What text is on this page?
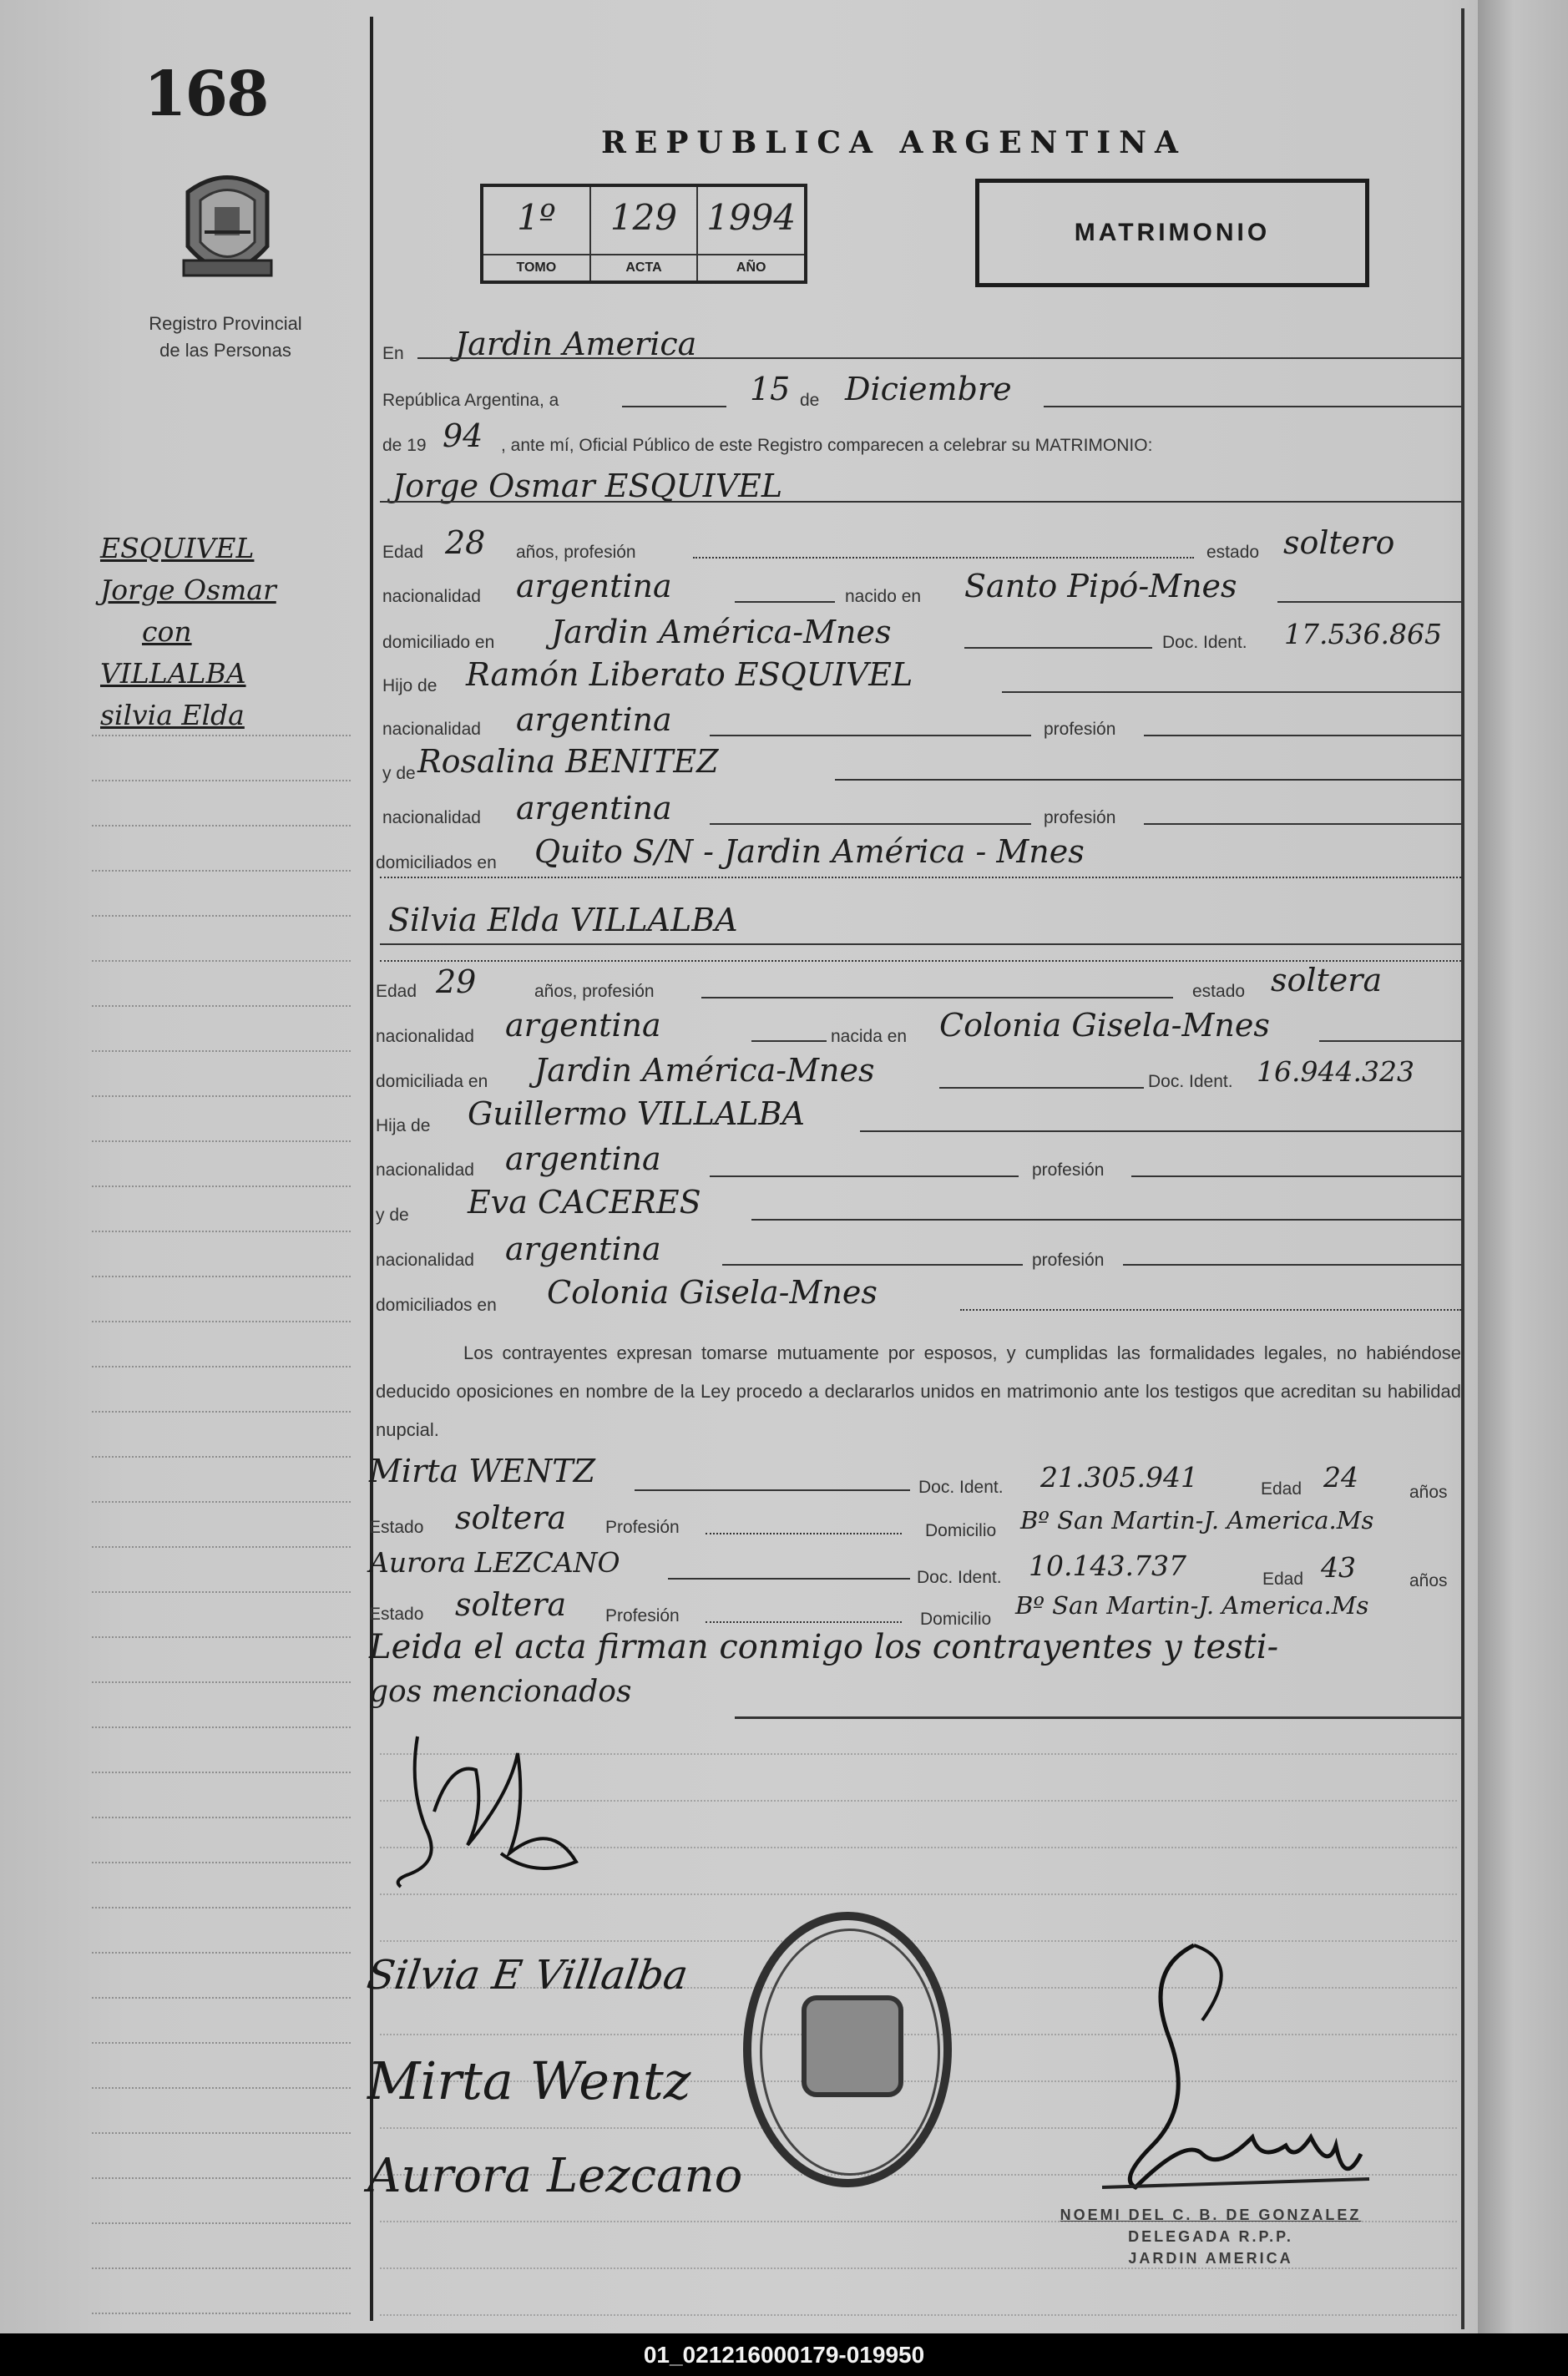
168
Registro Provincial
de las Personas
ESQUIVEL
Jorge Osmar
con
VILLALBA
silvia Elda
REPUBLICA ARGENTINA
1º
TOMO
129
ACTA
1994
AÑO
MATRIMONIO
En Jardin America
República Argentina, a	15 de Diciembre
de 19 94 , ante mí, Oficial Público de este Registro comparecen a celebrar su MATRIMONIO:
Jorge Osmar ESQUIVEL
Edad 28 años, profesión	estado soltero
nacionalidad argentina	nacido en Santo Pipó-Mnes
domiciliado en Jardin América-Mnes	Doc. Ident. 17.536.865
Hijo de Ramón Liberato ESQUIVEL
nacionalidad argentina	profesión
y de Rosalina BENITEZ
nacionalidad argentina	profesión
domiciliados en Quito S/N - Jardin América - Mnes
Silvia Elda VILLALBA
Edad 29	años, profesión	estado soltera
nacionalidad argentina	nacida en Colonia Gisela-Mnes
domiciliada en Jardin América-Mnes	Doc. Ident. 16.944.323
Hija de Guillermo VILLALBA
nacionalidad argentina	profesión
y de Eva CACERES
nacionalidad argentina	profesión
domiciliados en Colonia Gisela-Mnes
Los contrayentes expresan tomarse mutuamente por esposos, y cumplidas las formalidades legales, no habiéndose deducido oposiciones en nombre de la Ley procedo a declararlos unidos en matrimonio ante los testigos que acreditan su habilidad nupcial.
Mirta WENTZ	Doc. Ident. 21.305.941	Edad 24	años
Estado soltera Profesión	Domicilio Bº San Martin-J. America.Ms
Aurora LEZCANO	Doc. Ident. 10.143.737	Edad 43	años
Estado soltera Profesión	Domicilio Bº San Martin-J. America.Ms
Leida el acta firman conmigo los contrayentes y testi-
gos mencionados
Silvia E Villalba
Mirta Wentz
Aurora Lezcano
NOEMI DEL C. B. DE GONZALEZ
DELEGADA R.P.P.
JARDIN AMERICA
01_021216000179-019950
